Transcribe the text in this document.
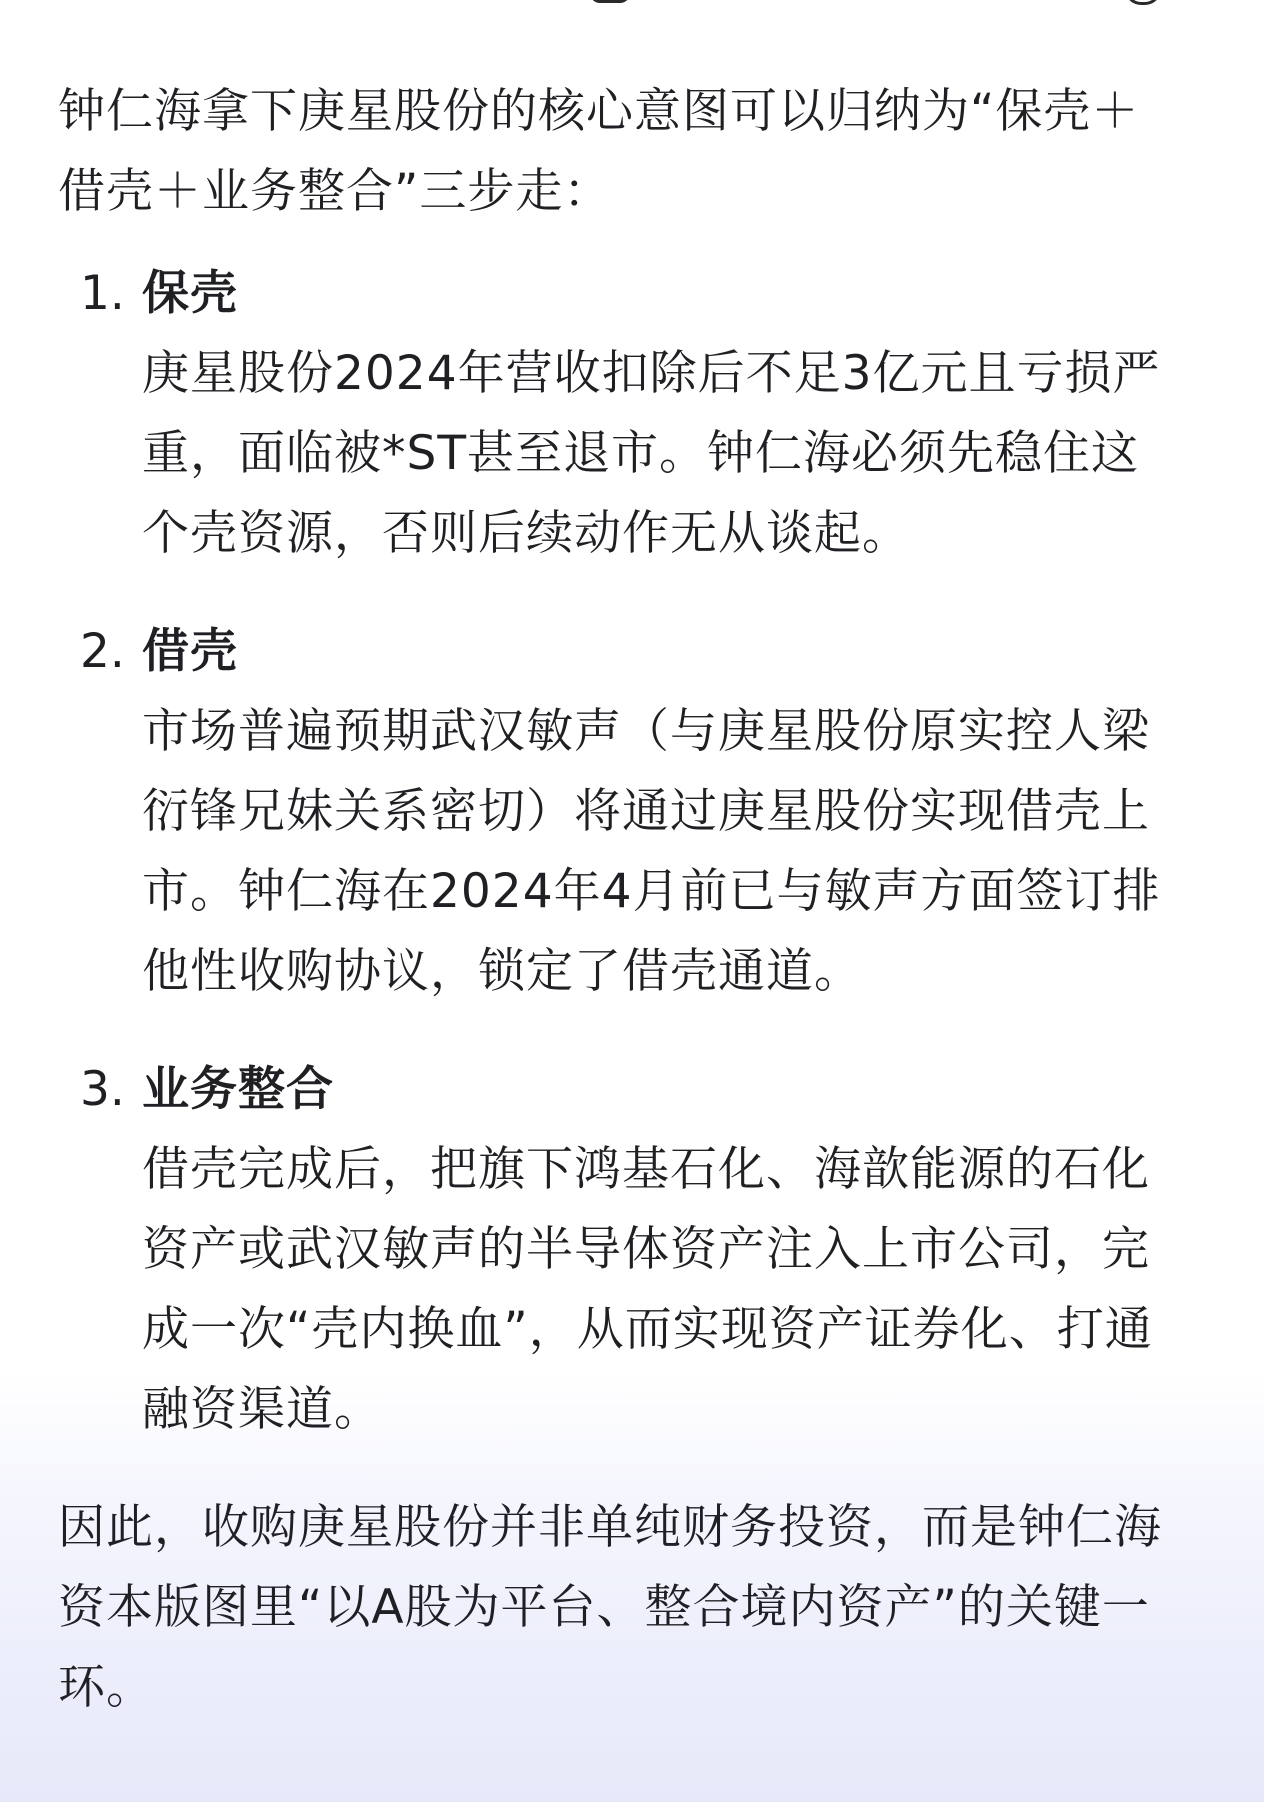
钟仁海拿下庚星股份的核心意图可以归纳为“保壳＋借壳＋业务整合”三步走：

1. 保壳
庚星股份2024年营收扣除后不足3亿元且亏损严重，面临被*ST甚至退市。钟仁海必须先稳住这个壳资源，否则后续动作无从谈起。
2. 借壳
市场普遍预期武汉敏声（与庚星股份原实控人梁衍锋兄妹关系密切）将通过庚星股份实现借壳上市。钟仁海在2024年4月前已与敏声方面签订排他性收购协议，锁定了借壳通道。
3. 业务整合
借壳完成后，把旗下鸿基石化、海歆能源的石化资产或武汉敏声的半导体资产注入上市公司，完成一次“壳内换血”，从而实现资产证券化、打通融资渠道。

因此，收购庚星股份并非单纯财务投资，而是钟仁海资本版图里“以A股为平台、整合境内资产”的关键一环。
